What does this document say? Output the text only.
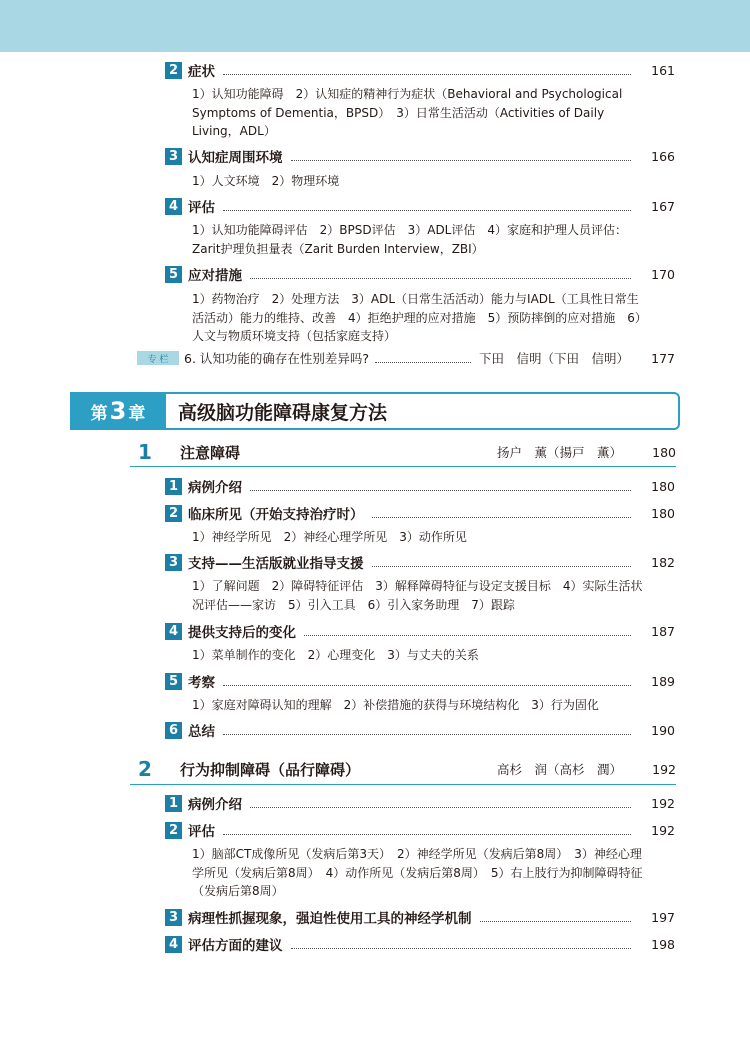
2 症状	161
1）认知功能障碍　2）认知症的精神行为症状（Behavioral and Psychological Symptoms of Dementia，BPSD）　3）日常生活活动（Activities of Daily Living，ADL）
3 认知症周围环境	166
1）人文环境　2）物理环境
4 评估	167
1）认知功能障碍评估　2）BPSD评估　3）ADL评估　4）家庭和护理人员评估：Zarit护理负担量表（Zarit Burden Interview，ZBI）
5 应对措施	170
1）药物治疗　2）处理方法　3）ADL（日常生活活动）能力与IADL（工具性日常生活活动）能力的维持、改善　4）拒绝护理的应对措施　5）预防摔倒的应对措施　6）人文与物质环境支持（包括家庭支持）
专 栏	6. 认知功能的确存在性别差异吗?	下田　信明（下田　信明）	177
第 3 章 高级脑功能障碍康复方法
1	注意障碍	扬户　薰（揚戸　薫）	180
1 病例介绍	180
2 临床所见（开始支持治疗时）	180
1）神经学所见　2）神经心理学所见　3）动作所见
3 支持——生活版就业指导支援	182
1）了解问题　2）障碍特征评估　3）解释障碍特征与设定支援目标　4）实际生活状况评估——家访　5）引入工具　6）引入家务助理　7）跟踪
4 提供支持后的变化	187
1）菜单制作的变化　2）心理变化　3）与丈夫的关系
5 考察	189
1）家庭对障碍认知的理解　2）补偿措施的获得与环境结构化　3）行为固化
6 总结	190
2	行为抑制障碍（品行障碍）	高杉　润（高杉　潤）	192
1 病例介绍	192
2 评估	192
1）脑部CT成像所见（发病后第3天）　2）神经学所见（发病后第8周）　3）神经心理学所见（发病后第8周）　4）动作所见（发病后第8周）　5）右上肢行为抑制障碍特征（发病后第8周）
3 病理性抓握现象，强迫性使用工具的神经学机制	197
4 评估方面的建议	198
